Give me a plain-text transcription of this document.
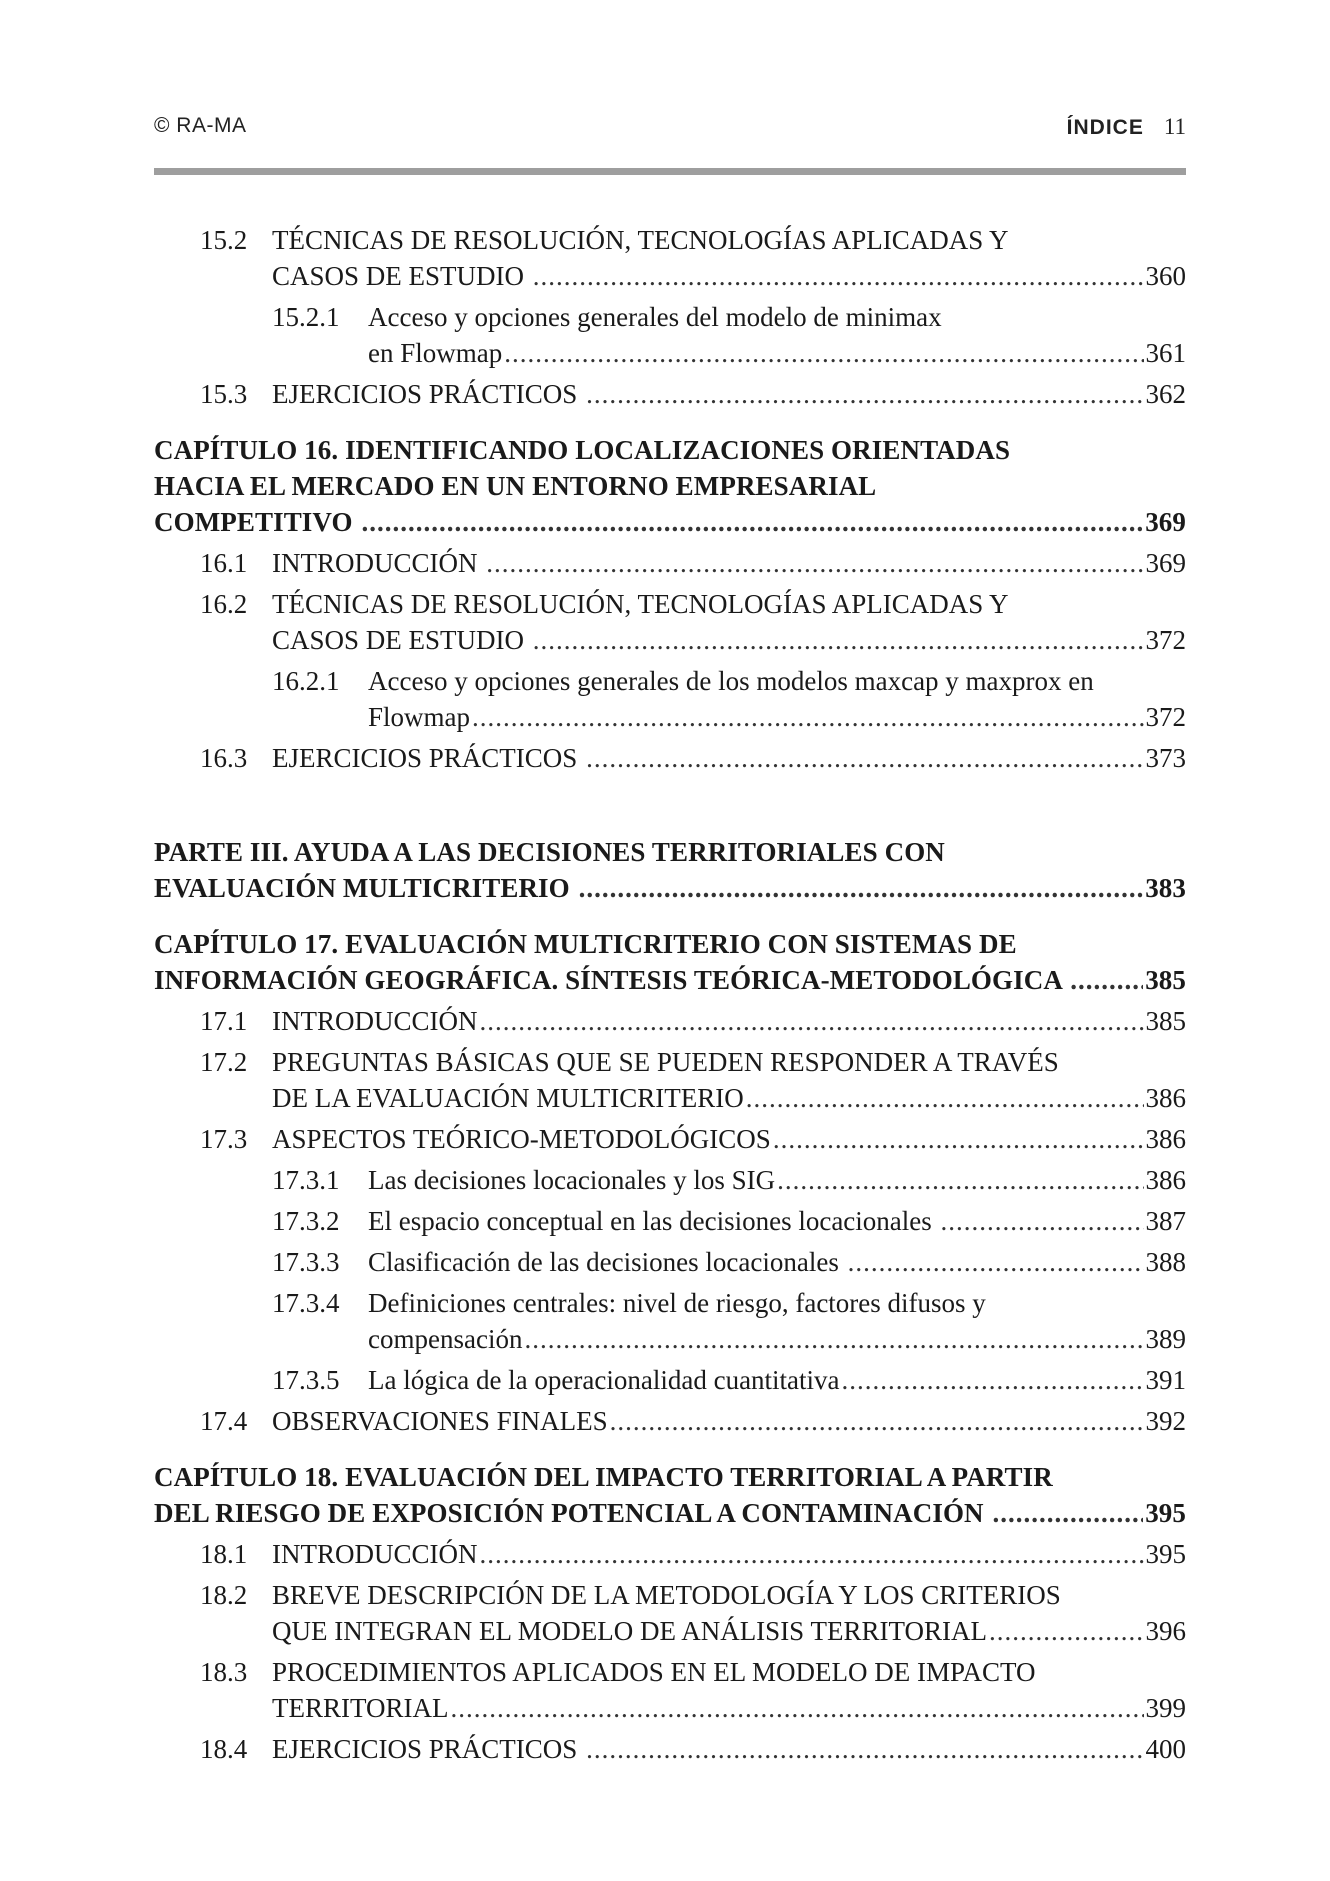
© RA-MA	ÍNDICE 11
15.2 TÉCNICAS DE RESOLUCIÓN, TECNOLOGÍAS APLICADAS Y
CASOS DE ESTUDIO .....	360
15.2.1 Acceso y opciones generales del modelo de minimax
en Flowmap .....	361
15.3 EJERCICIOS PRÁCTICOS .....	362
CAPÍTULO 16. IDENTIFICANDO LOCALIZACIONES ORIENTADAS
HACIA EL MERCADO EN UN ENTORNO EMPRESARIAL
COMPETITIVO .....	369
16.1 INTRODUCCIÓN .....	369
16.2 TÉCNICAS DE RESOLUCIÓN, TECNOLOGÍAS APLICADAS Y
CASOS DE ESTUDIO .....	372
16.2.1 Acceso y opciones generales de los modelos maxcap y maxprox en
Flowmap .....	372
16.3 EJERCICIOS PRÁCTICOS .....	373
PARTE III. AYUDA A LAS DECISIONES TERRITORIALES CON
EVALUACIÓN MULTICRITERIO .....	383
CAPÍTULO 17. EVALUACIÓN MULTICRITERIO CON SISTEMAS DE
INFORMACIÓN GEOGRÁFICA. SÍNTESIS TEÓRICA-METODOLÓGICA .....	385
17.1 INTRODUCCIÓN .....	385
17.2 PREGUNTAS BÁSICAS QUE SE PUEDEN RESPONDER A TRAVÉS
DE LA EVALUACIÓN MULTICRITERIO .....	386
17.3 ASPECTOS TEÓRICO-METODOLÓGICOS .....	386
17.3.1 Las decisiones locacionales y los SIG .....	386
17.3.2 El espacio conceptual en las decisiones locacionales .....	387
17.3.3 Clasificación de las decisiones locacionales .....	388
17.3.4 Definiciones centrales: nivel de riesgo, factores difusos y
compensación .....	389
17.3.5 La lógica de la operacionalidad cuantitativa .....	391
17.4 OBSERVACIONES FINALES .....	392
CAPÍTULO 18. EVALUACIÓN DEL IMPACTO TERRITORIAL A PARTIR
DEL RIESGO DE EXPOSICIÓN POTENCIAL A CONTAMINACIÓN .....	395
18.1 INTRODUCCIÓN .....	395
18.2 BREVE DESCRIPCIÓN DE LA METODOLOGÍA Y LOS CRITERIOS
QUE INTEGRAN EL MODELO DE ANÁLISIS TERRITORIAL .....	396
18.3 PROCEDIMIENTOS APLICADOS EN EL MODELO DE IMPACTO
TERRITORIAL .....	399
18.4 EJERCICIOS PRÁCTICOS .....	400
